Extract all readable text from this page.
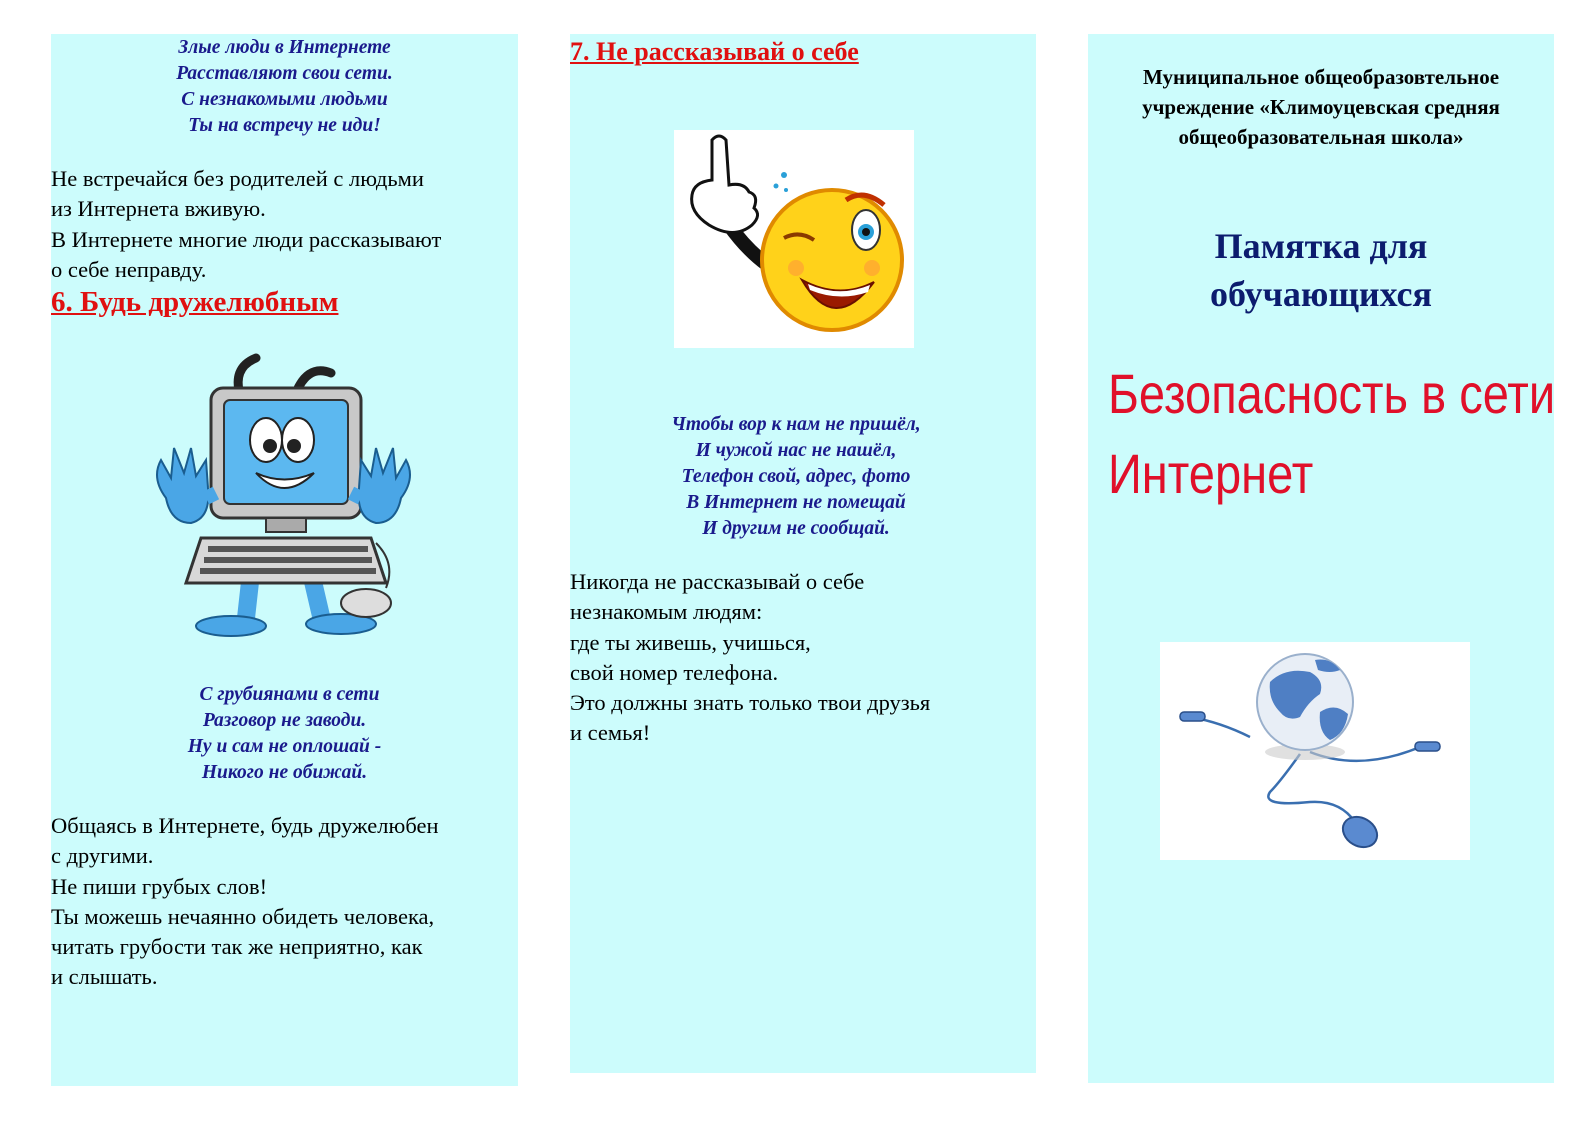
Злые люди в Интернете
Расставляют свои сети.
С незнакомыми людьми
Ты на встречу не иди!
Не встречайся без родителей с людьми
из Интернета вживую.
В Интернете многие люди рассказывают
о себе неправду.
6. Будь дружелюбным
С грубиянами в сети
Разговор не заводи.
Ну и сам не оплошай -
Никого не обижай.
Общаясь в Интернете, будь дружелюбен
с другими.
Не пиши грубых слов!
Ты можешь нечаянно обидеть человека,
читать грубости так же неприятно, как
и слышать.
7. Не рассказывай о себе
Чтобы вор к нам не пришёл,
И чужой нас не нашёл,
Телефон свой, адрес, фото
В Интернет не помещай
И другим не сообщай.
Никогда не рассказывай о себе
незнакомым людям:
где ты живешь, учишься,
свой номер телефона.
Это должны знать только твои друзья
и семья!
Муниципальное общеобразовтельное
учреждение «Климоуцевская средняя
общеобразовательная школа»
Памятка для
обучающихся
Безопасность в сети
Интернет
